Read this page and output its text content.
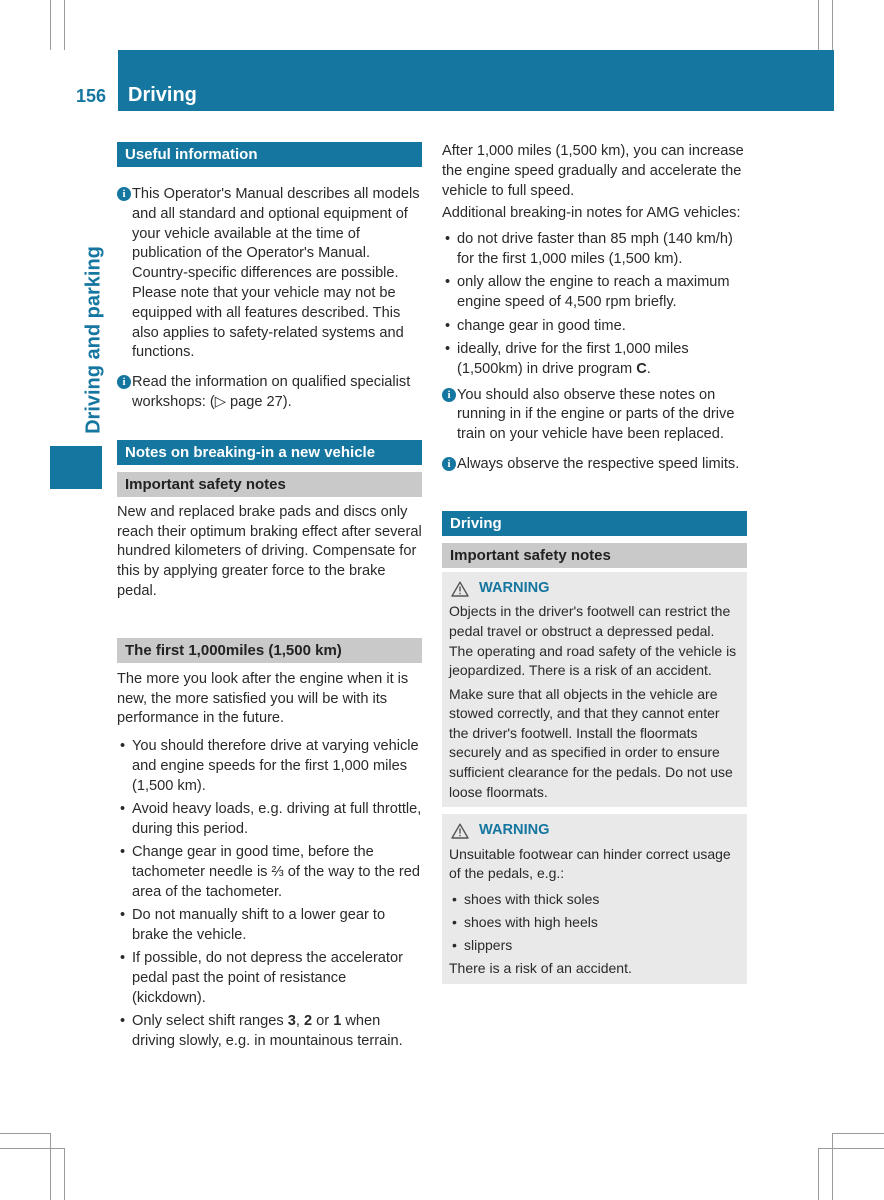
156 Driving
Driving and parking
Useful information
i This Operator's Manual describes all models and all standard and optional equipment of your vehicle available at the time of publication of the Operator's Manual. Country-specific differences are possible. Please note that your vehicle may not be equipped with all features described. This also applies to safety-related systems and functions.

i Read the information on qualified specialist workshops: (▷ page 27).

Notes on breaking-in a new vehicle
Important safety notes

New and replaced brake pads and discs only reach their optimum braking effect after several hundred kilometers of driving. Compensate for this by applying greater force to the brake pedal.

The first 1,000miles (1,500 km)

The more you look after the engine when it is new, the more satisfied you will be with its performance in the future.

• You should therefore drive at varying vehicle and engine speeds for the first 1,000 miles (1,500 km).
• Avoid heavy loads, e.g. driving at full throttle, during this period.
• Change gear in good time, before the tachometer needle is ⅔ of the way to the red area of the tachometer.
• Do not manually shift to a lower gear to brake the vehicle.
• If possible, do not depress the accelerator pedal past the point of resistance (kickdown).
• Only select shift ranges 3, 2 or 1 when driving slowly, e.g. in mountainous terrain.

After 1,000 miles (1,500 km), you can increase the engine speed gradually and accelerate the vehicle to full speed.

Additional breaking-in notes for AMG vehicles:

• do not drive faster than 85 mph (140 km/h) for the first 1,000 miles (1,500 km).
• only allow the engine to reach a maximum engine speed of 4,500 rpm briefly.
• change gear in good time.
• ideally, drive for the first 1,000 miles (1,500km) in drive program C.
i You should also observe these notes on running in if the engine or parts of the drive train on your vehicle have been replaced.

i Always observe the respective speed limits.

Driving
Important safety notes
WARNING

Objects in the driver's footwell can restrict the pedal travel or obstruct a depressed pedal. The operating and road safety of the vehicle is jeopardized. There is a risk of an accident.

Make sure that all objects in the vehicle are stowed correctly, and that they cannot enter the driver's footwell. Install the floormats securely and as specified in order to ensure sufficient clearance for the pedals. Do not use loose floormats.

WARNING

Unsuitable footwear can hinder correct usage of the pedals, e.g.:

• shoes with thick soles
• shoes with high heels
• slippers

There is a risk of an accident.
